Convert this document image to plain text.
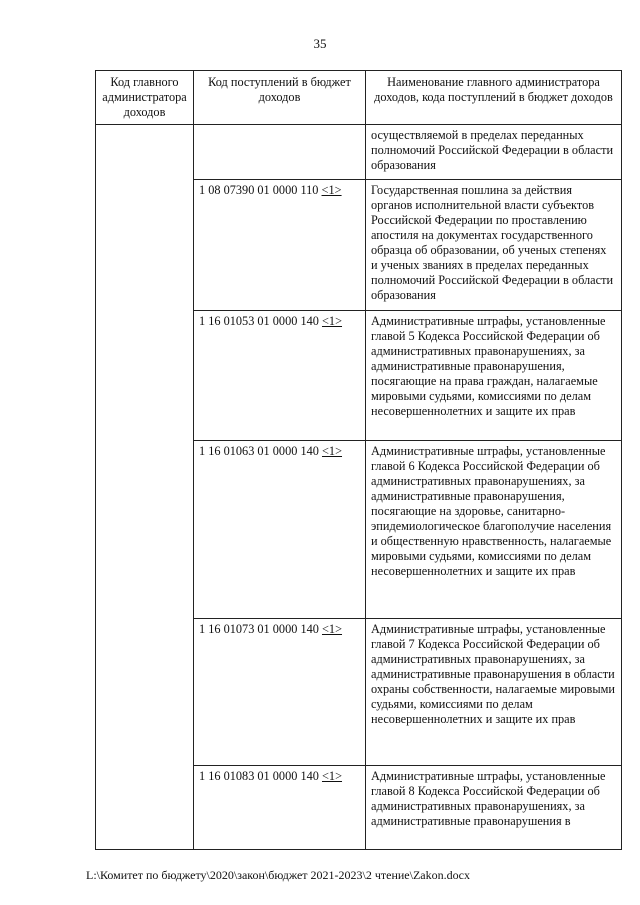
35
Код главного администратора доходов	Код поступлений в бюджет доходов	Наименование главного администратора доходов, кода поступлений в бюджет доходов
		осуществляемой в пределах переданных полномочий Российской Федерации в области образования
	1 08 07390 01 0000 110 <1>	Государственная пошлина за действия органов исполнительной власти субъектов Российской Федерации по проставлению апостиля на документах государственного образца об образовании, об ученых степенях и ученых званиях в пределах переданных полномочий Российской Федерации в области образования
	1 16 01053 01 0000 140 <1>	Административные штрафы, установленные главой 5 Кодекса Российской Федерации об административных правонарушениях, за административные правонарушения, посягающие на права граждан, налагаемые мировыми судьями, комиссиями по делам несовершеннолетних и защите их прав
	1 16 01063 01 0000 140 <1>	Административные штрафы, установленные главой 6 Кодекса Российской Федерации об административных правонарушениях, за административные правонарушения, посягающие на здоровье, санитарно-эпидемиологическое благополучие населения и общественную нравственность, налагаемые мировыми судьями, комиссиями по делам несовершеннолетних и защите их прав
	1 16 01073 01 0000 140 <1>	Административные штрафы, установленные главой 7 Кодекса Российской Федерации об административных правонарушениях, за административные правонарушения в области охраны собственности, налагаемые мировыми судьями, комиссиями по делам несовершеннолетних и защите их прав
	1 16 01083 01 0000 140 <1>	Административные штрафы, установленные главой 8 Кодекса Российской Федерации об административных правонарушениях, за административные правонарушения в
L:\Комитет по бюджету\2020\закон\бюджет 2021-2023\2 чтение\Zakon.docx
